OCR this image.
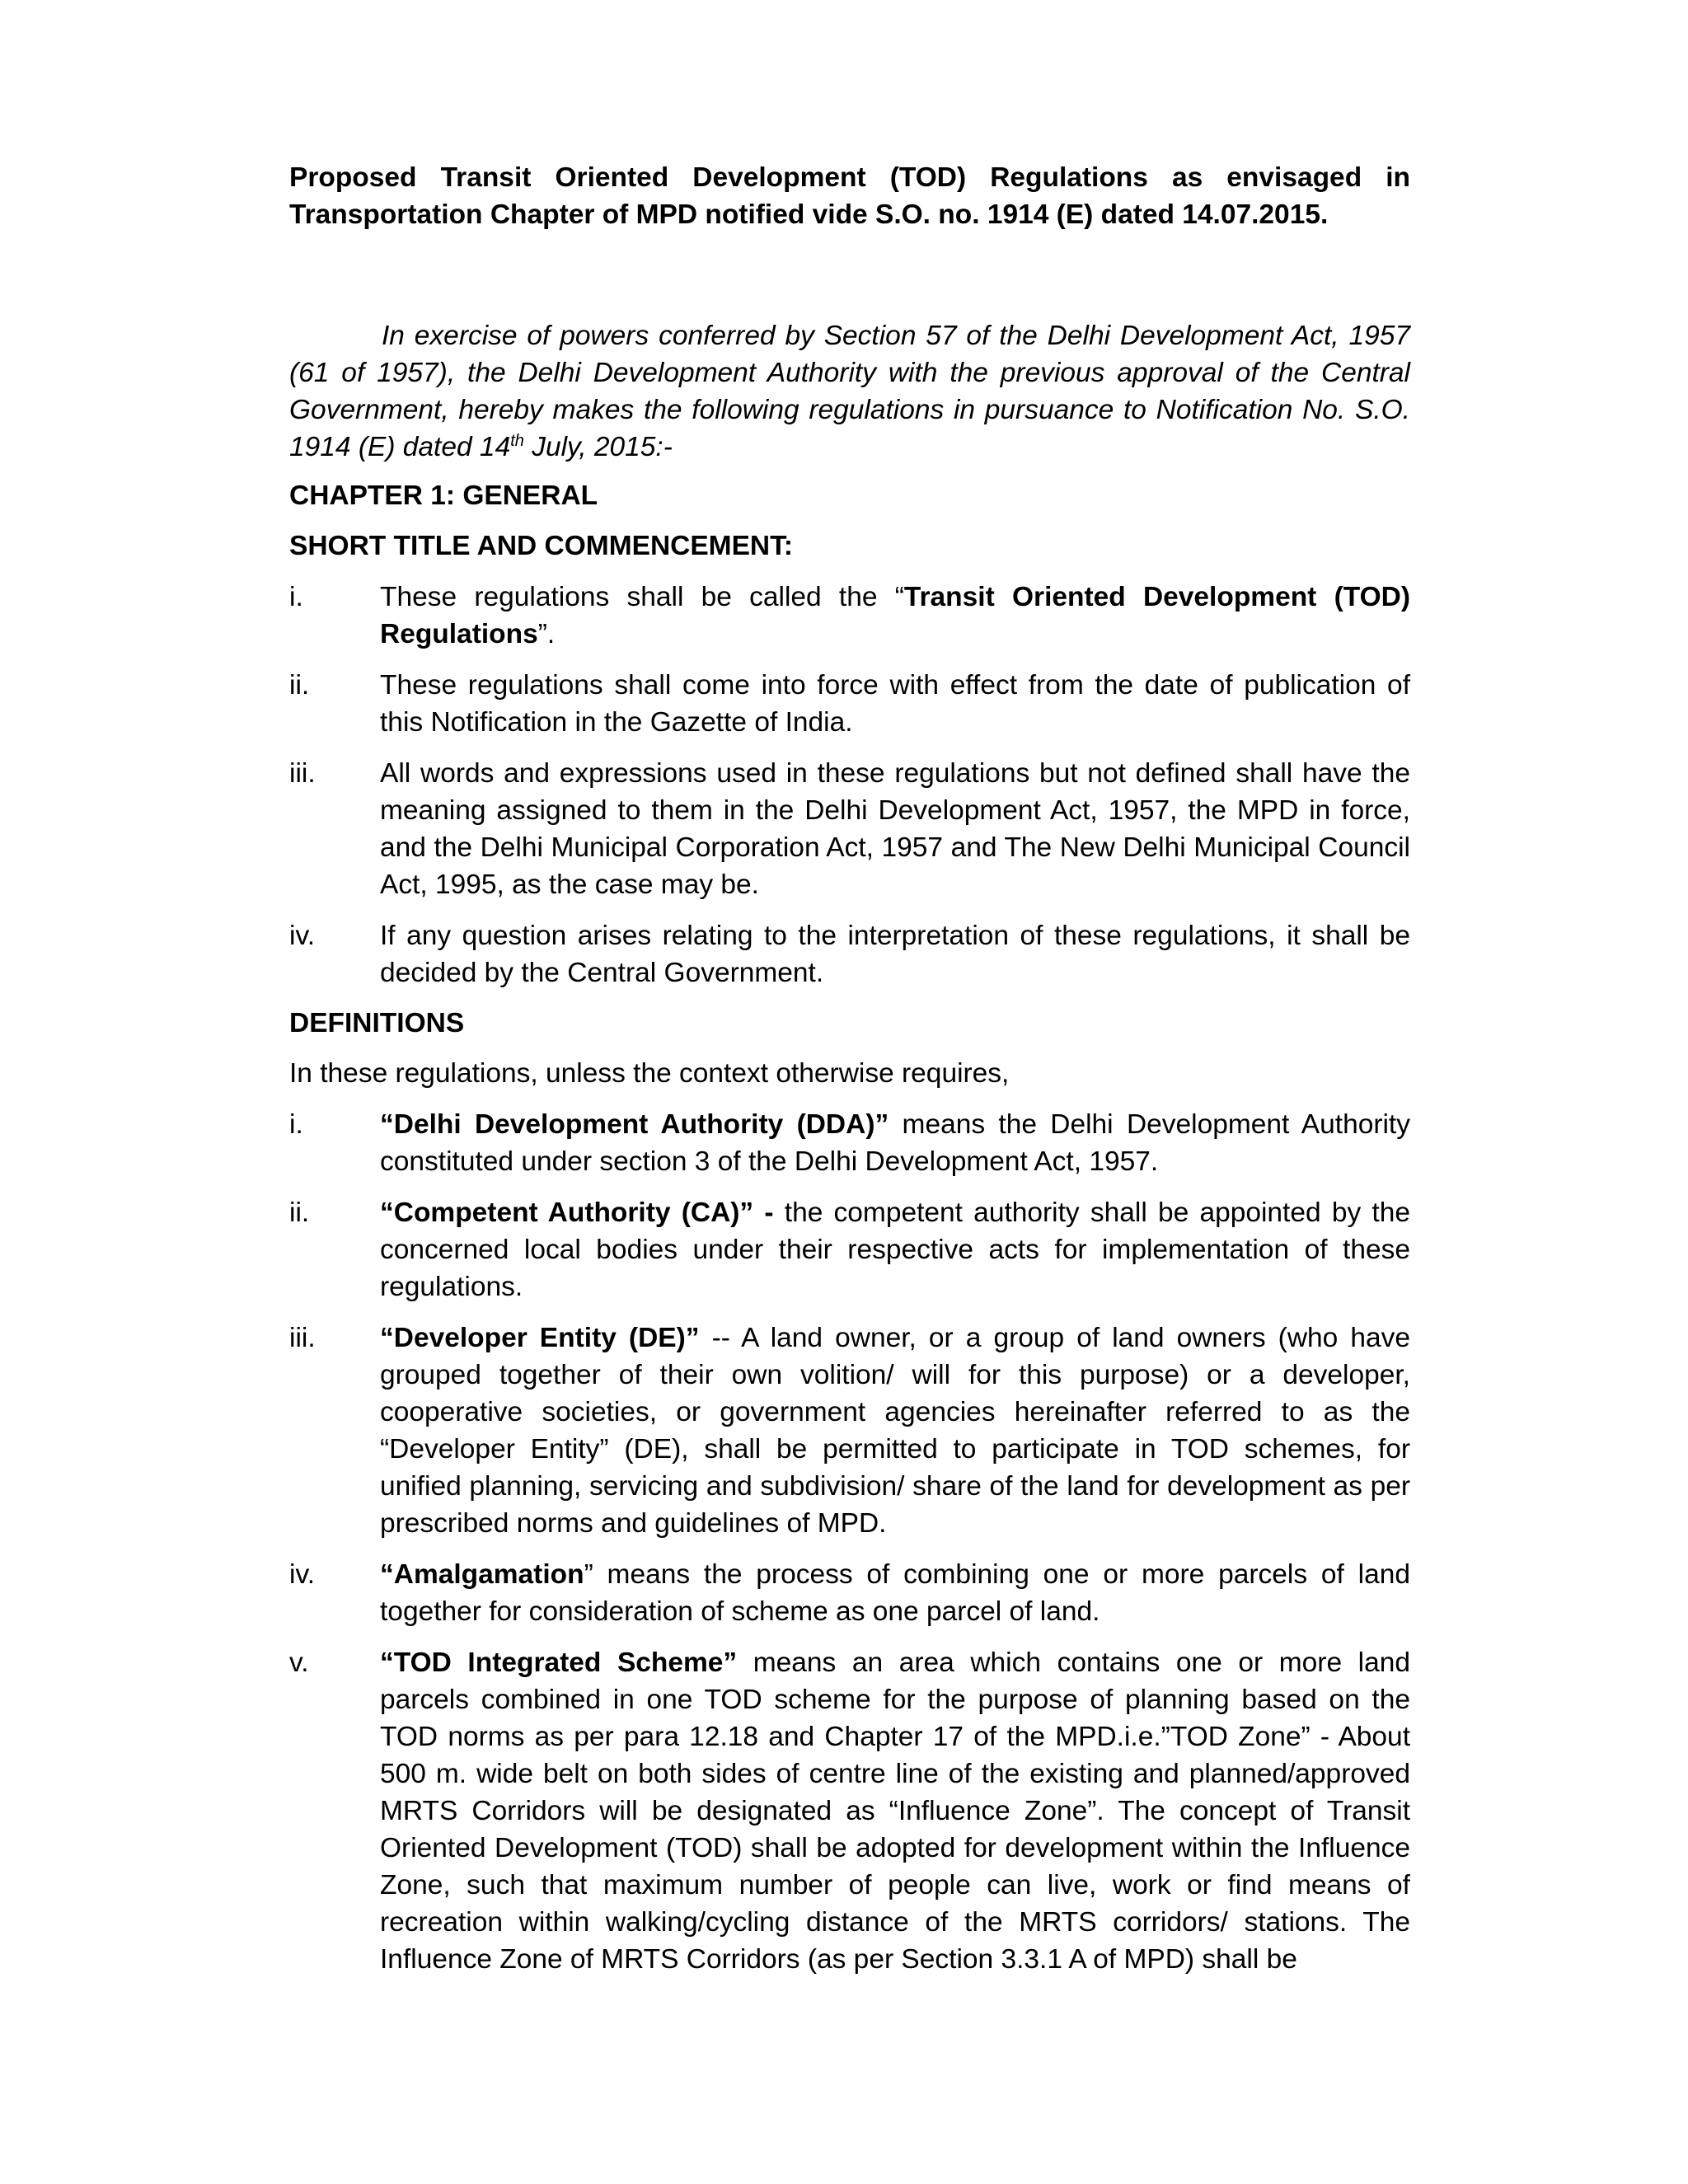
Proposed Transit Oriented Development (TOD) Regulations as envisaged in Transportation Chapter of MPD notified vide S.O. no. 1914 (E) dated 14.07.2015.

In exercise of powers conferred by Section 57 of the Delhi Development Act, 1957 (61 of 1957), the Delhi Development Authority with the previous approval of the Central Government, hereby makes the following regulations in pursuance to Notification No. S.O. 1914 (E) dated 14th July, 2015:-

CHAPTER 1: GENERAL

SHORT TITLE AND COMMENCEMENT:

i.	These regulations shall be called the “Transit Oriented Development (TOD) Regulations”.
ii.	These regulations shall come into force with effect from the date of publication of this Notification in the Gazette of India.
iii. All words and expressions used in these regulations but not defined shall have the meaning assigned to them in the Delhi Development Act, 1957, the MPD in force, and the Delhi Municipal Corporation Act, 1957 and The New Delhi Municipal Council Act, 1995, as the case may be.
iv. If any question arises relating to the interpretation of these regulations, it shall be decided by the Central Government.

DEFINITIONS

In these regulations, unless the context otherwise requires,

i.	“Delhi Development Authority (DDA)” means the Delhi Development Authority constituted under section 3 of the Delhi Development Act, 1957.
ii.	“Competent Authority (CA)” - the competent authority shall be appointed by the concerned local bodies under their respective acts for implementation of these regulations.
iii. “Developer Entity (DE)” -- A land owner, or a group of land owners (who have grouped together of their own volition/ will for this purpose) or a developer, cooperative societies, or government agencies hereinafter referred to as the “Developer Entity” (DE), shall be permitted to participate in TOD schemes, for unified planning, servicing and subdivision/ share of the land for development as per prescribed norms and guidelines of MPD.
iv. “Amalgamation” means the process of combining one or more parcels of land together for consideration of scheme as one parcel of land.
v.	“TOD Integrated Scheme” means an area which contains one or more land parcels combined in one TOD scheme for the purpose of planning based on the TOD norms as per para 12.18 and Chapter 17 of the MPD.i.e.”TOD Zone” - About 500 m. wide belt on both sides of centre line of the existing and planned/approved MRTS Corridors will be designated as “Influence Zone”. The concept of Transit Oriented Development (TOD) shall be adopted for development within the Influence Zone, such that maximum number of people can live, work or find means of recreation within walking/cycling distance of the MRTS corridors/ stations. The Influence Zone of MRTS Corridors (as per Section 3.3.1 A of MPD) shall be
